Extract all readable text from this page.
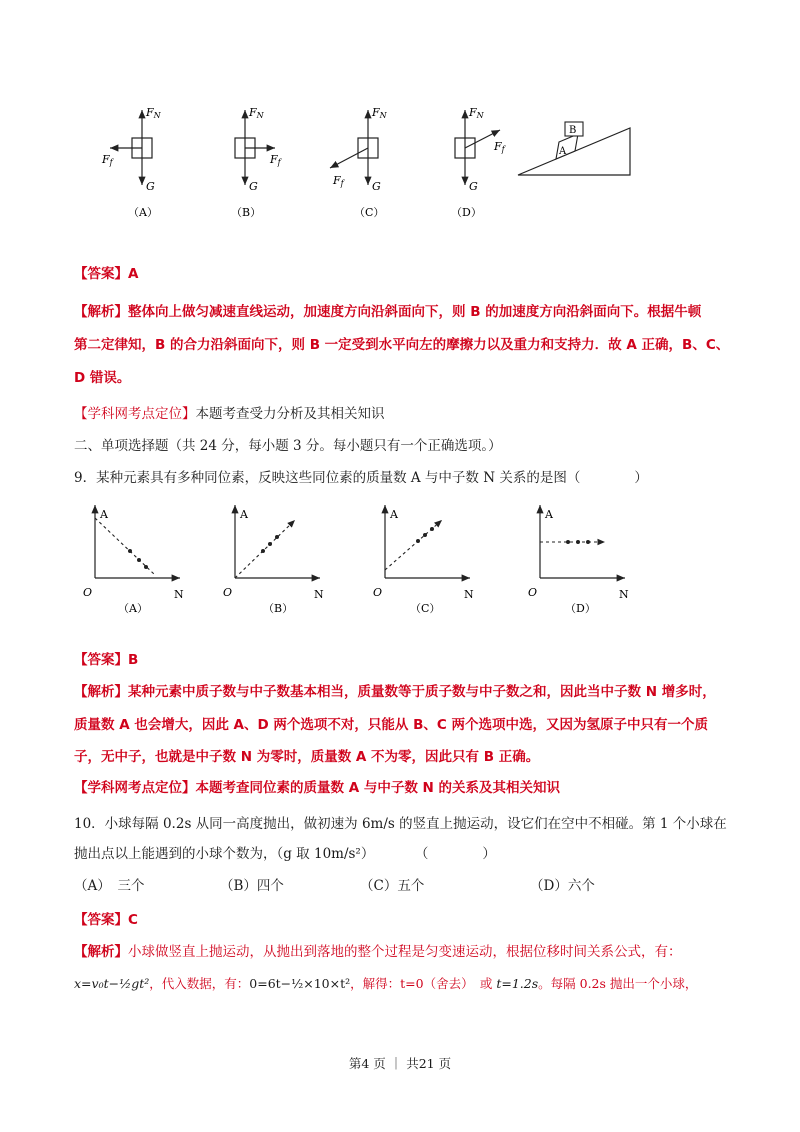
FN
Ff
G
FN
Ff
G
FN
Ff	G
FN
Ff
G
B
A
（A）	（B）	（C）	（D）
【答案】A
【解析】整体向上做匀减速直线运动，加速度方向沿斜面向下，则 B 的加速度方向沿斜面向下。根据牛顿
第二定律知，B 的合力沿斜面向下，则 B 一定受到水平向左的摩擦力以及重力和支持力．故 A 正确，B、C、
D 错误。
【学科网考点定位】本题考查受力分析及其相关知识
二、单项选择题（共 24 分，每小题 3 分。每小题只有一个正确选项。）
9．某种元素具有多种同位素，反映这些同位素的质量数 A 与中子数 N 关系的是图（　　　　）
A
N
O
（A）
A
N
O
（B）
A
N
O
（C）
A
N
O
（D）
【答案】B
【解析】某种元素中质子数与中子数基本相当，质量数等于质子数与中子数之和，因此当中子数 N 增多时，
质量数 A 也会增大，因此 A、D 两个选项不对，只能从 B、C 两个选项中选，又因为氢原子中只有一个质
子，无中子，也就是中子数 N 为零时，质量数 A 不为零，因此只有 B 正确。
【学科网考点定位】本题考查同位素的质量数 A 与中子数 N 的关系及其相关知识
10．小球每隔 0.2s 从同一高度抛出，做初速为 6m/s 的竖直上抛运动，设它们在空中不相碰。第 1 个小球在
抛出点以上能遇到的小球个数为，（g 取 10m/s²）　　　　（　　　　）
（A）　三个	（B）四个	（C）五个	（D）六个
【答案】C
【解析】小球做竖直上抛运动，从抛出到落地的整个过程是匀变速运动，根据位移时间关系公式，有：
x=v₀t−½gt²，代入数据，有：0=6t−½×10×t²，解得：t=0（舍去）　或 t=1.2s。每隔 0.2s 抛出一个小球，
第4 页 ｜ 共21 页
